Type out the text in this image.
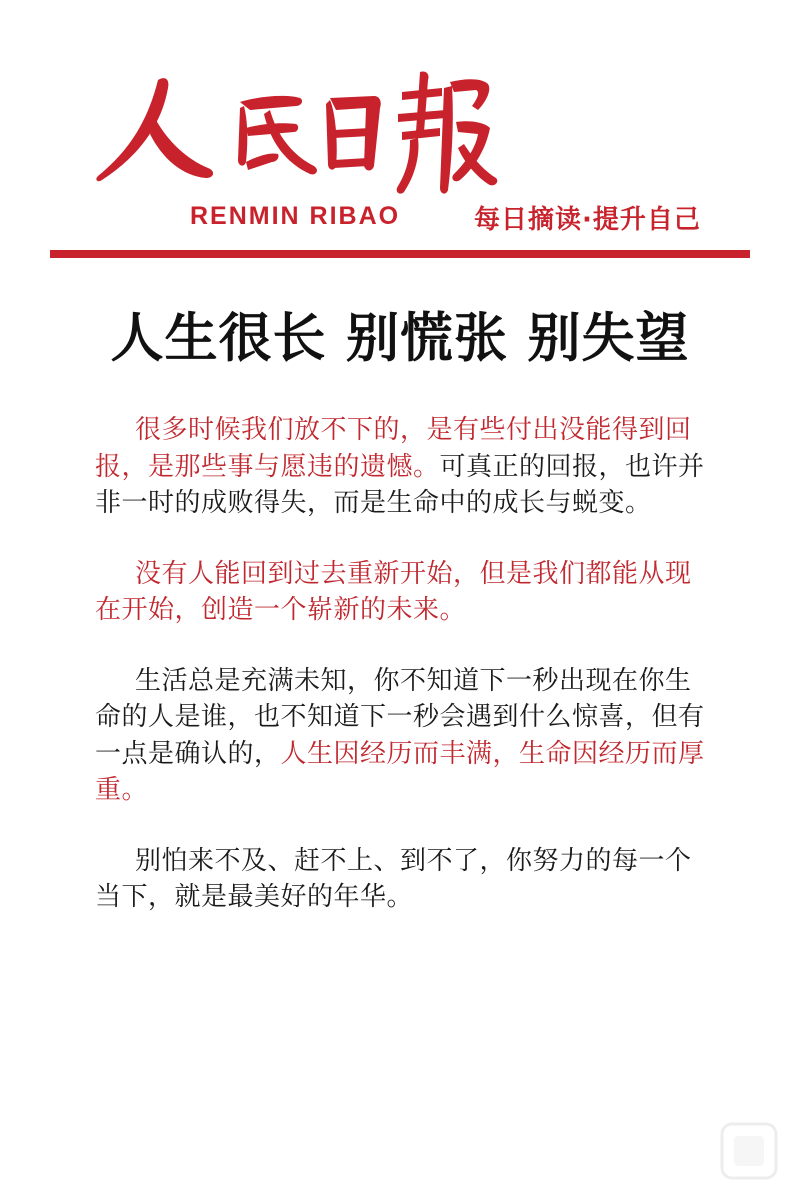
RENMIN RIBAO	每日摘读·提升自己
人生很长 别慌张 别失望

很多时候我们放不下的，是有些付出没能得到回报，是那些事与愿违的遗憾。可真正的回报，也许并非一时的成败得失，而是生命中的成长与蜕变。

没有人能回到过去重新开始，但是我们都能从现在开始，创造一个崭新的未来。

生活总是充满未知，你不知道下一秒出现在你生命的人是谁，也不知道下一秒会遇到什么惊喜，但有一点是确认的，人生因经历而丰满，生命因经历而厚重。

别怕来不及、赶不上、到不了，你努力的每一个当下，就是最美好的年华。
